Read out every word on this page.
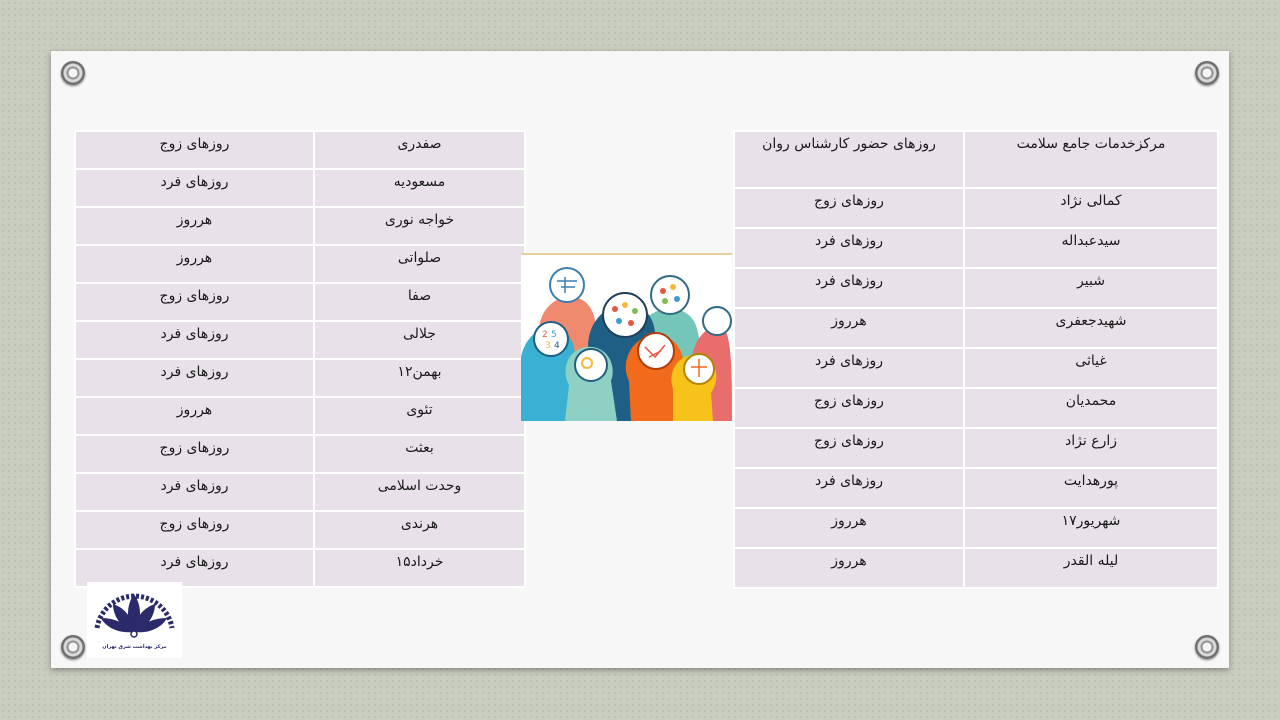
روزهای حضور کارشناس روان	مرکزخدمات جامع سلامت
روزهای زوج	کمالی نژاد
روزهای فرد	سیدعبداله
روزهای فرد	شبیر
هرروز	شهیدجعفری
روزهای فرد	غیاثی
روزهای زوج	محمدیان
روزهای زوج	زارع نژاد
روزهای فرد	پورهدایت
هرروز	۱۷شهریور
هرروز	لیله القدر
روزهای زوج	صفدری
روزهای فرد	مسعودیه
هرروز	خواجه نوری
هرروز	صلواتی
روزهای زوج	صفا
روزهای فرد	جلالی
روزهای فرد	۱۲بهمن
هرروز	تئوی
روزهای زوج	بعثت
روزهای فرد	وحدت اسلامی
روزهای زوج	هرندی
روزهای فرد	۱۵خرداد
2 5
3 4
مرکز بهداشت شرق تهران
